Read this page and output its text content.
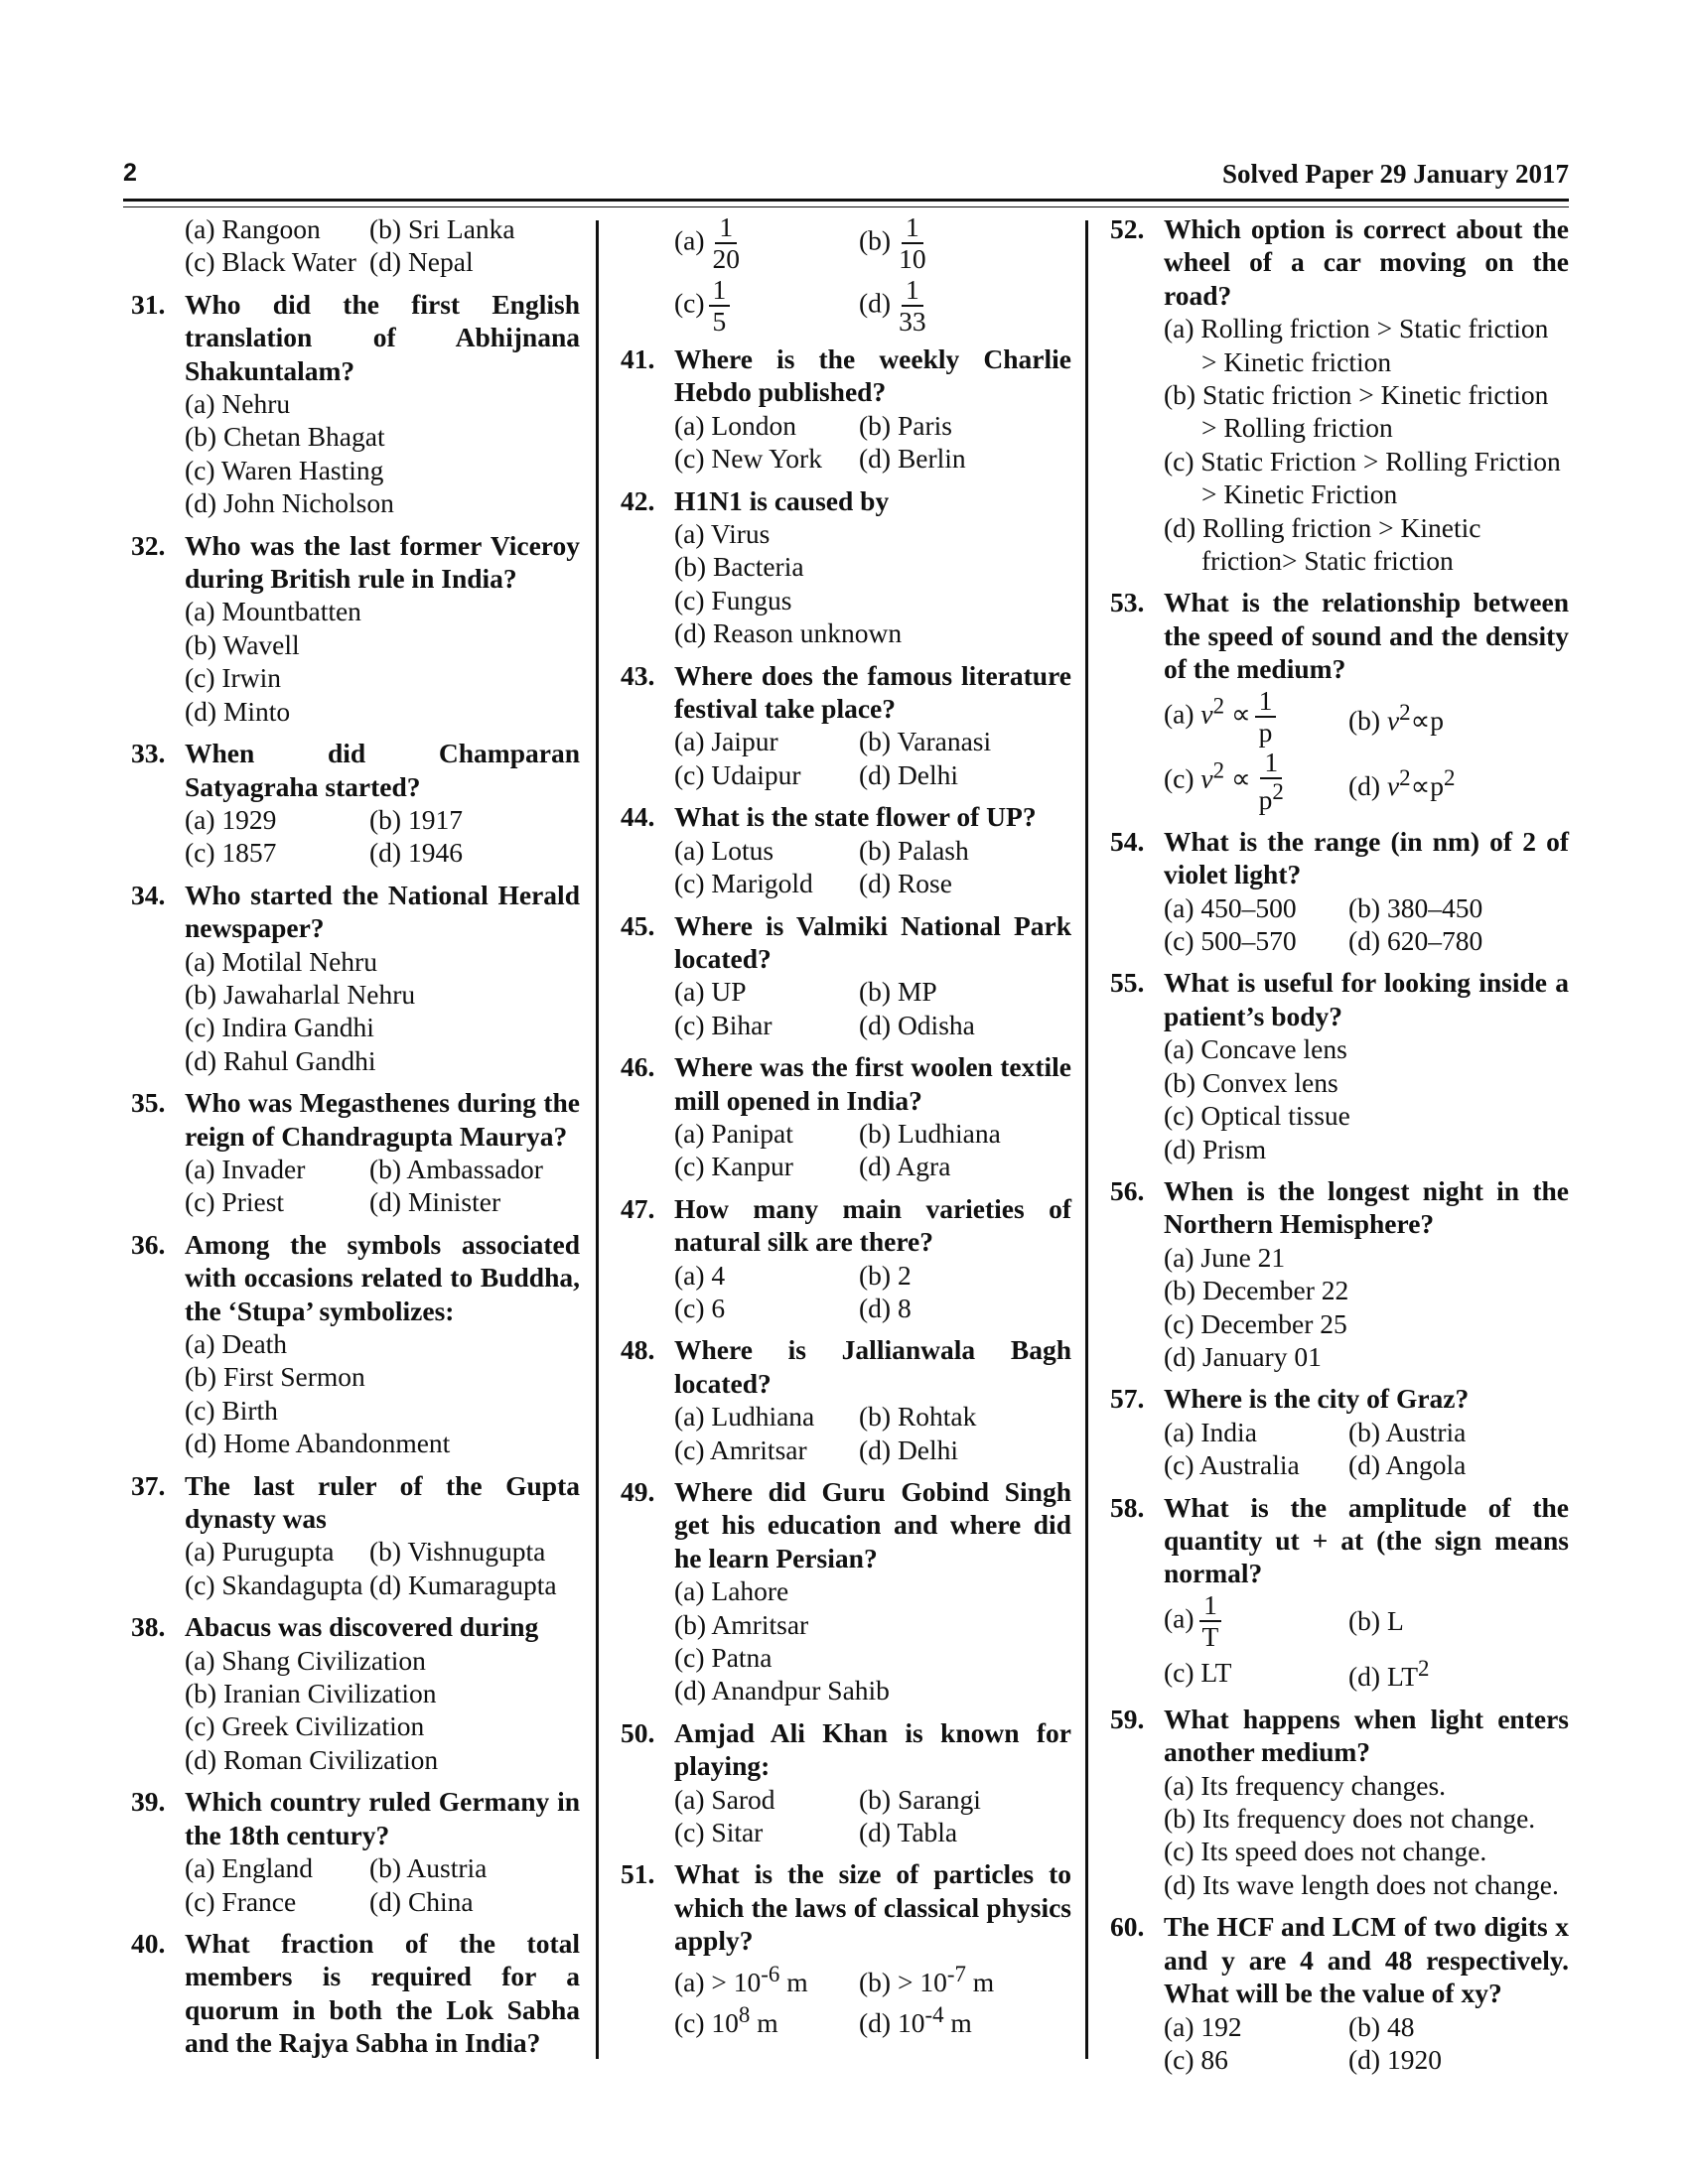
2	Solved Paper 29 January 2017
(a) Rangoon	(b) Sri Lanka
(c) Black Water (d) Nepal
31. Who did the first English translation of Abhijnana Shakuntalam?
(a) Nehru
(b) Chetan Bhagat
(c) Waren Hasting
(d) John Nicholson
32. Who was the last former Viceroy during British rule in India?
(a) Mountbatten
(b) Wavell
(c) Irwin
(d) Minto
33. When did Champaran Satyagraha started?
(a) 1929	(b) 1917
(c) 1857	(d) 1946
34. Who started the National Herald newspaper?
(a) Motilal Nehru
(b) Jawaharlal Nehru
(c) Indira Gandhi
(d) Rahul Gandhi
35. Who was Megasthenes during the reign of Chandragupta Maurya?
(a) Invader	(b) Ambassador
(c) Priest	(d) Minister
36. Among the symbols associated with occasions related to Buddha, the ‘Stupa’ symbolizes:
(a) Death
(b) First Sermon
(c) Birth
(d) Home Abandonment
37. The last ruler of the Gupta dynasty was
(a) Purugupta	(b) Vishnugupta
(c) Skandagupta (d) Kumaragupta
38. Abacus was discovered during
(a) Shang Civilization
(b) Iranian Civilization
(c) Greek Civilization
(d) Roman Civilization
39. Which country ruled Germany in the 18th century?
(a) England	(b) Austria
(c) France	(d) China
40. What fraction of the total members is required for a quorum in both the Lok Sabha and the Rajya Sabha in India?
$(a) \frac{1}{20}$	$(b) \frac{1}{10}$
$(c) \frac{1}{5}$	$(d) \frac{1}{33}$
41. Where is the weekly Charlie Hebdo published?
(a) London	(b) Paris
(c) New York	(d) Berlin
42. H1N1 is caused by
(a) Virus
(b) Bacteria
(c) Fungus
(d) Reason unknown
43. Where does the famous literature festival take place?
(a) Jaipur	(b) Varanasi
(c) Udaipur	(d) Delhi
44. What is the state flower of UP?
(a) Lotus	(b) Palash
(c) Marigold	(d) Rose
45. Where is Valmiki National Park located?
(a) UP	(b) MP
(c) Bihar	(d) Odisha
46. Where was the first woolen textile mill opened in India?
(a) Panipat	(b) Ludhiana
(c) Kanpur	(d) Agra
47. How many main varieties of natural silk are there?
(a) 4	(b) 2
(c) 6	(d) 8
48. Where is Jallianwala Bagh located?
(a) Ludhiana	(b) Rohtak
(c) Amritsar	(d) Delhi
49. Where did Guru Gobind Singh get his education and where did he learn Persian?
(a) Lahore
(b) Amritsar
(c) Patna
(d) Anandpur Sahib
50. Amjad Ali Khan is known for playing:
(a) Sarod	(b) Sarangi
(c) Sitar	(d) Tabla
51. What is the size of particles to which the laws of classical physics apply?
$(a) > 10^{-6}$ m	$(b) > 10^{-7}$ m
(c) $10^8$ m	(d) $10^{-4}$ m
52. Which option is correct about the wheel of a car moving on the road?
(a) Rolling friction > Static friction > Kinetic friction
(b) Static friction > Kinetic friction > Rolling friction
(c) Static Friction > Rolling Friction > Kinetic Friction
(d) Rolling friction > Kinetic friction> Static friction
53. What is the relationship between the speed of sound and the density of the medium?
(a) $v^2 \propto \frac{1}{p}$	(b) $v^2\propto p$
(c) $v^2 \propto \frac{1}{p^2} (d)$ $v^2\propto p^2$
54. What is the range (in nm) of 2 of violet light?
(a) 450–500	(b) 380–450
(c) 500–570	(d) 620–780
55. What is useful for looking inside a patient’s body?
(a) Concave lens
(b) Convex lens
(c) Optical tissue
(d) Prism
56. When is the longest night in the Northern Hemisphere?
(a) June 21
(b) December 22
(c) December 25
(d) January 01
57. Where is the city of Graz?
(a) India	(b) Austria
(c) Australia	(d) Angola
58. What is the amplitude of the quantity ut + at (the sign means normal?
$(a) \frac{1}{T}$	(b) L
(c) LT	(d) $LT^2$
59. What happens when light enters another medium?
(a) Its frequency changes.
(b) Its frequency does not change.
(c) Its speed does not change.
(d) Its wave length does not change.
60. The HCF and LCM of two digits x and y are 4 and 48 respectively. What will be the value of xy?
(a) 192	(b) 48
(c) 86	(d) 1920
